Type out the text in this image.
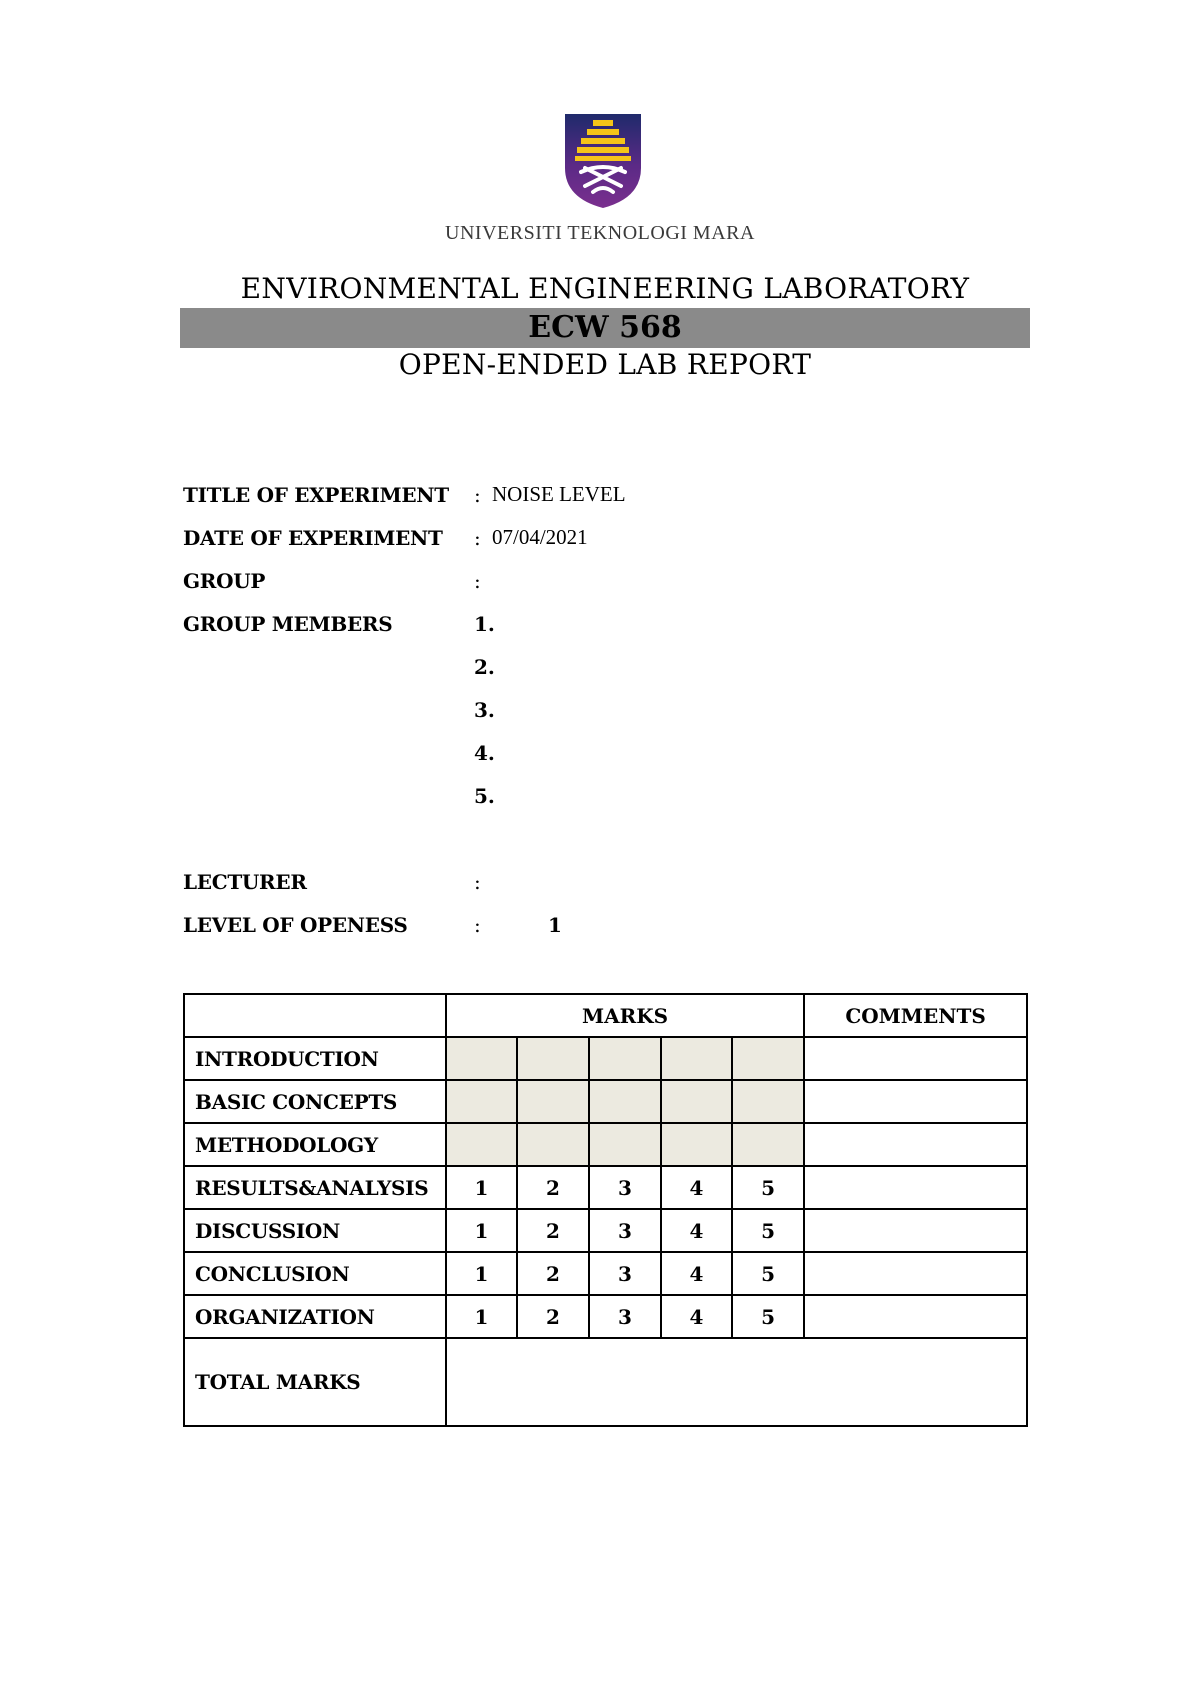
UNIVERSITI TEKNOLOGI MARA
ENVIRONMENTAL ENGINEERING LABORATORY
ECW 568
OPEN-ENDED LAB REPORT
TITLE OF EXPERIMENT : NOISE LEVEL
DATE OF EXPERIMENT : 07/04/2021
GROUP	:
GROUP MEMBERS	1.
2.
3.
4.
5.
LECTURER	:
LEVEL OF OPENESS	:	1
	MARKS					COMMENTS
INTRODUCTION						
BASIC CONCEPTS						
METHODOLOGY						
RESULTS&ANALYSIS	1	2	3	4	5	
DISCUSSION	1	2	3	4	5	
CONCLUSION	1	2	3	4	5	
ORGANIZATION	1	2	3	4	5	
TOTAL MARKS						
